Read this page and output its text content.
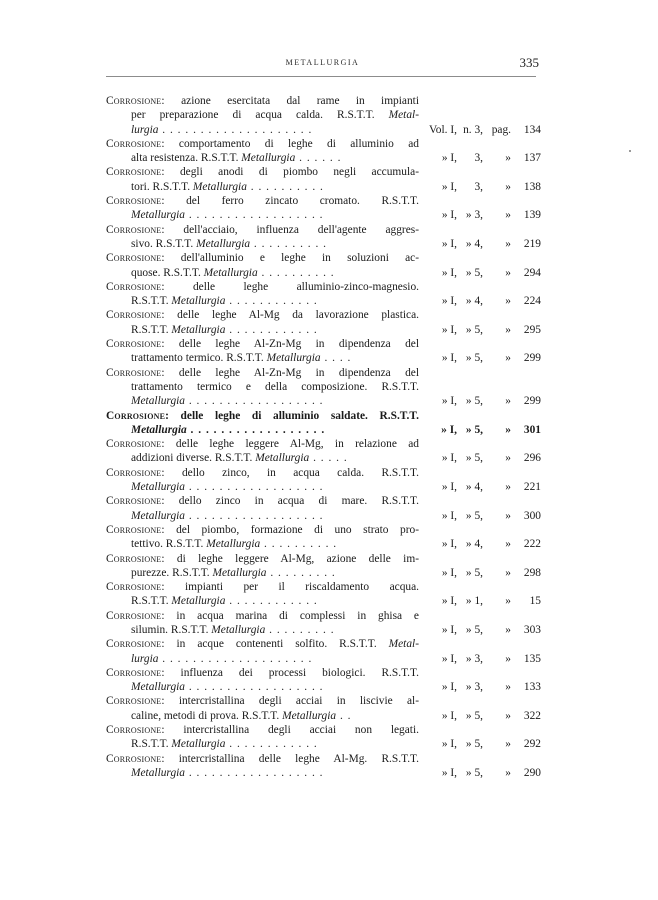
METALLURGIA	335
Corrosione: azione esercitata dal rame in impianti
per preparazione di acqua calda. R.S.T.T. Metal-
lurgia . . . . . . . . . . . . . . . . . . . .	Vol. I, n. 3, pag.	134
Corrosione: comportamento di leghe di alluminio ad
alta resistenza. R.S.T.T. Metallurgia . . . . . .	» I,	3,	»	137
Corrosione: degli anodi di piombo negli accumula-
tori. R.S.T.T. Metallurgia . . . . . . . . . .	» I,	3,	»	138
Corrosione: del ferro zincato cromato. R.S.T.T.
Metallurgia . . . . . . . . . . . . . . . . . .	» I, » 3,	»	139
Corrosione: dell'acciaio, influenza dell'agente aggres-
sivo. R.S.T.T. Metallurgia . . . . . . . . . .	» I, » 4,	»	219
Corrosione: dell'alluminio e leghe in soluzioni ac-
quose. R.S.T.T. Metallurgia . . . . . . . . . .	» I, » 5,	»	294
Corrosione: delle leghe alluminio-zinco-magnesio.
R.S.T.T. Metallurgia . . . . . . . . . . . .	» I, » 4,	»	224
Corrosione: delle leghe Al-Mg da lavorazione plastica.
R.S.T.T. Metallurgia . . . . . . . . . . . .	» I, » 5,	»	295
Corrosione: delle leghe Al-Zn-Mg in dipendenza del
trattamento termico. R.S.T.T. Metallurgia . . . .	» I, » 5,	»	299
Corrosione: delle leghe Al-Zn-Mg in dipendenza del
trattamento termico e della composizione. R.S.T.T.
Metallurgia . . . . . . . . . . . . . . . . . .	» I, » 5,	»	299
Corrosione: delle leghe di alluminio saldate. R.S.T.T.
Metallurgia . . . . . . . . . . . . . . . . . .	» I, » 5,	»	301
Corrosione: delle leghe leggere Al-Mg, in relazione ad
addizioni diverse. R.S.T.T. Metallurgia . . . . .	» I, » 5,	»	296
Corrosione: dello zinco, in acqua calda. R.S.T.T.
Metallurgia . . . . . . . . . . . . . . . . . .	» I, » 4,	»	221
Corrosione: dello zinco in acqua di mare. R.S.T.T.
Metallurgia . . . . . . . . . . . . . . . . . .	» I, » 5,	»	300
Corrosione: del piombo, formazione di uno strato pro-
tettivo. R.S.T.T. Metallurgia . . . . . . . . . .	» I, » 4,	»	222
Corrosione: di leghe leggere Al-Mg, azione delle im-
purezze. R.S.T.T. Metallurgia . . . . . . . . .	» I, » 5,	»	298
Corrosione: impianti per il riscaldamento acqua.
R.S.T.T. Metallurgia . . . . . . . . . . . .	» I, » 1,	»	15
Corrosione: in acqua marina di complessi in ghisa e
silumin. R.S.T.T. Metallurgia . . . . . . . . .	» I, » 5,	»	303
Corrosione: in acque contenenti solfito. R.S.T.T. Metal-
lurgia . . . . . . . . . . . . . . . . . . . .	» I, » 3,	»	135
Corrosione: influenza dei processi biologici. R.S.T.T.
Metallurgia . . . . . . . . . . . . . . . . . .	» I, » 3,	»	133
Corrosione: intercristallina degli acciai in liscivie al-
caline, metodi di prova. R.S.T.T. Metallurgia . .	» I, » 5,	»	322
Corrosione: intercristallina degli acciai non legati.
R.S.T.T. Metallurgia . . . . . . . . . . . .	» I, » 5,	»	292
Corrosione: intercristallina delle leghe Al-Mg. R.S.T.T.
Metallurgia . . . . . . . . . . . . . . . . . .	» I, » 5,	»	290
